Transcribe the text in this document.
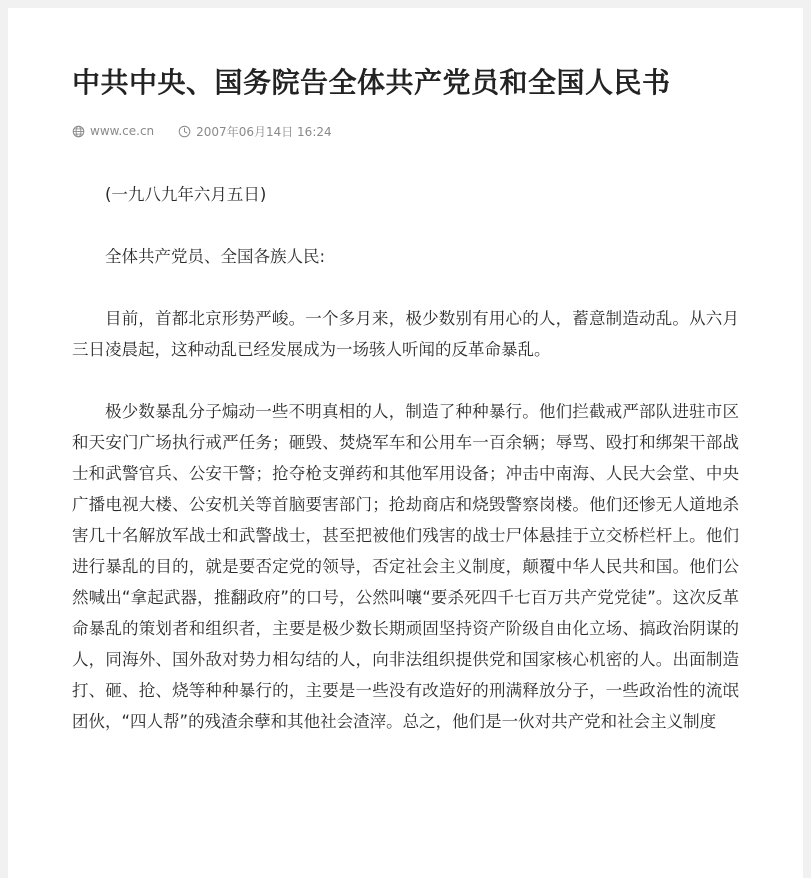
中共中央、国务院告全体共产党员和全国人民书
www.ce.cn	2007年06月14日 16:24

(一九八九年六月五日)

全体共产党员、全国各族人民:

目前，首都北京形势严峻。一个多月来，极少数别有用心的人，蓄意制造动乱。从六月三日凌晨起，这种动乱已经发展成为一场骇人听闻的反革命暴乱。

极少数暴乱分子煽动一些不明真相的人，制造了种种暴行。他们拦截戒严部队进驻市区和天安门广场执行戒严任务；砸毁、焚烧军车和公用车一百余辆；辱骂、殴打和绑架干部战士和武警官兵、公安干警；抢夺枪支弹药和其他军用设备；冲击中南海、人民大会堂、中央广播电视大楼、公安机关等首脑要害部门；抢劫商店和烧毁警察岗楼。他们还惨无人道地杀害几十名解放军战士和武警战士，甚至把被他们残害的战士尸体悬挂于立交桥栏杆上。他们进行暴乱的目的，就是要否定党的领导，否定社会主义制度，颠覆中华人民共和国。他们公然喊出“拿起武器，推翻政府”的口号，公然叫嚷“要杀死四千七百万共产党党徒”。这次反革命暴乱的策划者和组织者，主要是极少数长期顽固坚持资产阶级自由化立场、搞政治阴谋的人，同海外、国外敌对势力相勾结的人，向非法组织提供党和国家核心机密的人。出面制造打、砸、抢、烧等种种暴行的，主要是一些没有改造好的刑满释放分子，一些政治性的流氓团伙，“四人帮”的残渣余孽和其他社会渣滓。总之，他们是一伙对共产党和社会主义制度
